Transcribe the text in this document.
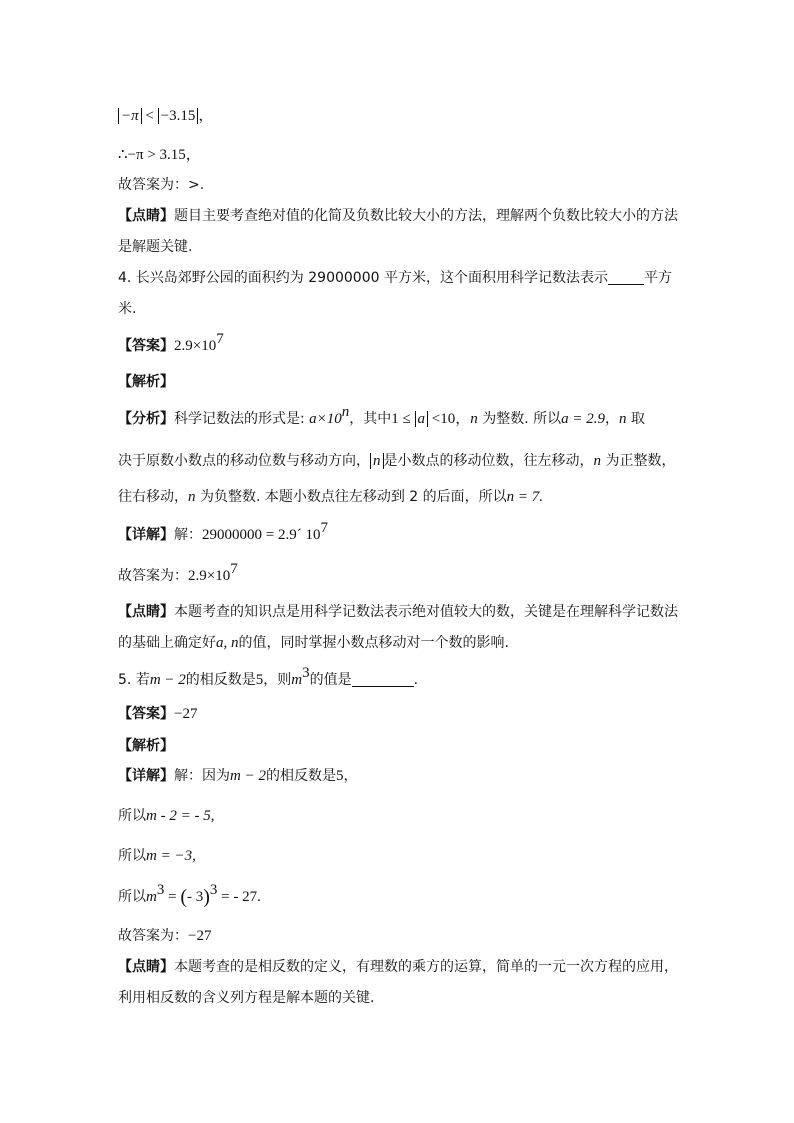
−π < −3.15 ，
∴−π > 3.15，
故答案为：>.
【点睛】题目主要考查绝对值的化简及负数比较大小的方法，理解两个负数比较大小的方法
是解题关键.
4. 长兴岛郊野公园的面积约为 29000000 平方米，这个面积用科学记数法表示	平方
米.
【答案】$2.9\times 10^7$
【解析】
【分析】科学记数法的形式是: $a\times 10^n$，其中1 ≤ a <10，n 为整数. 所以a = 2.9，n 取
决于原数小数点的移动位数与移动方向， n 是小数点的移动位数，往左移动，n 为正整数，
往右移动，n 为负整数. 本题小数点往左移动到 2 的后面，所以n = 7.
【详解】解：29000000 = 2.9´ $10^7$
故答案为：$2.9\times 10^7$
【点睛】本题考查的知识点是用科学记数法表示绝对值较大的数，关键是在理解科学记数法
的基础上确定好a, n的值，同时掌握小数点移动对一个数的影响.
5. 若m − 2的相反数是5，则$m^3$的值是	.
【答案】−27
【解析】
【详解】解：因为m − 2的相反数是5，
所以m - 2 = - 5,
所以m = −3,
所以$m^3$ = (- 3)$^3$ = - 27.
故答案为：−27
【点睛】本题考查的是相反数的定义，有理数的乘方的运算，简单的一元一次方程的应用，
利用相反数的含义列方程是解本题的关键.
